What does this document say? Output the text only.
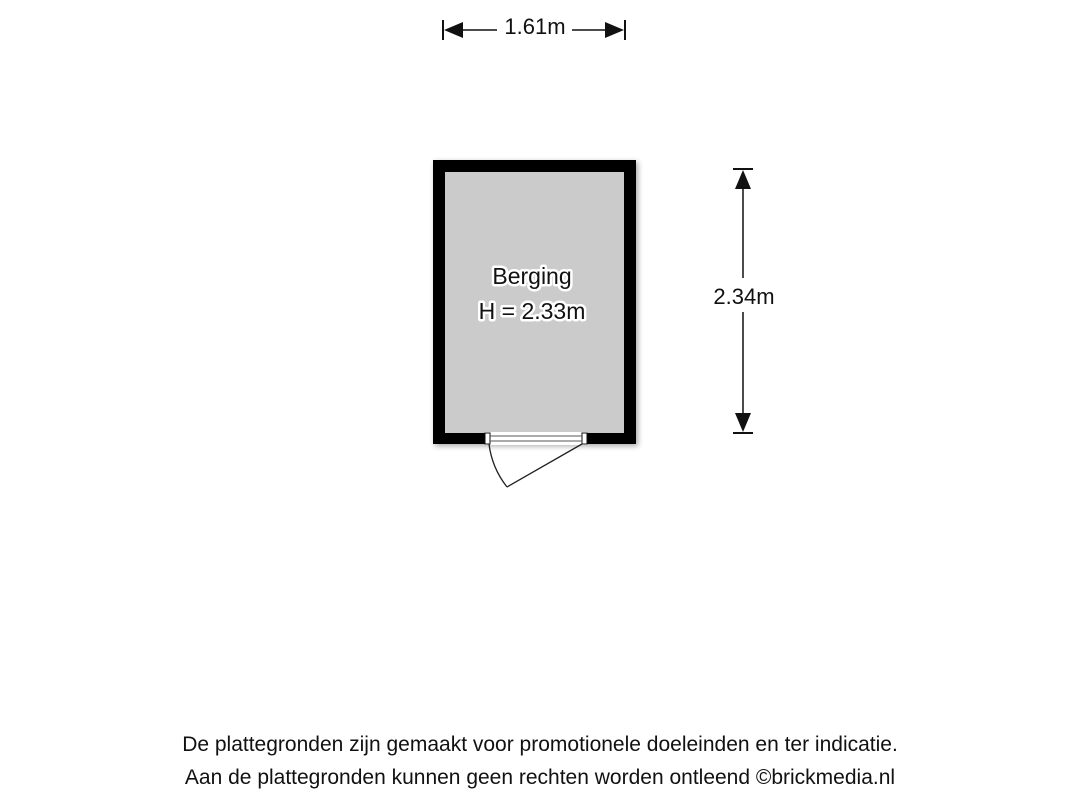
1.61m
2.34m
Berging
H = 2.33m
De plattegronden zijn gemaakt voor promotionele doeleinden en ter indicatie.
Aan de plattegronden kunnen geen rechten worden ontleend ©brickmedia.nl
